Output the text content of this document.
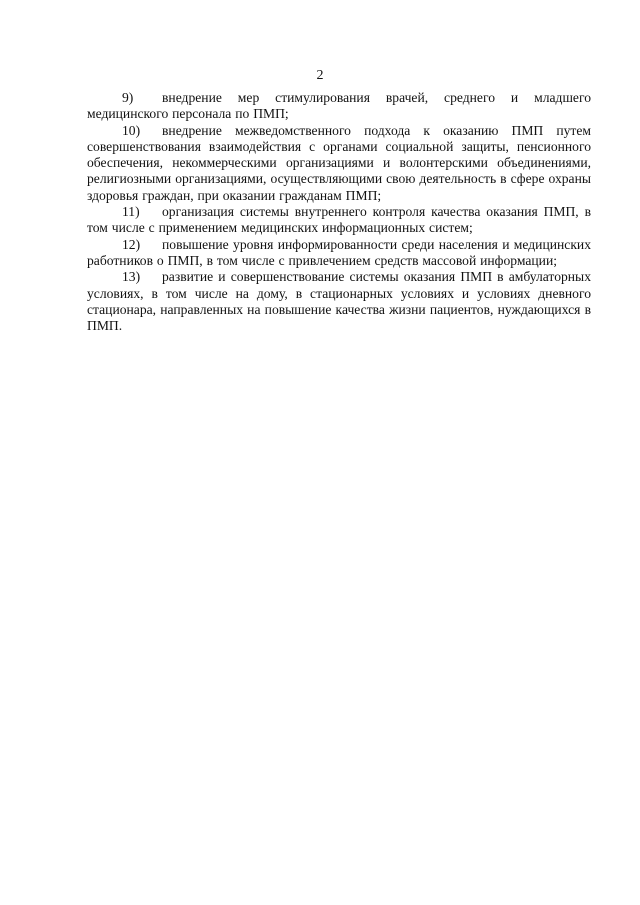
2

9) внедрение мер стимулирования врачей, среднего и младшего медицинского персонала по ПМП;

10) внедрение межведомственного подхода к оказанию ПМП путем совершенствования взаимодействия с органами социальной защиты, пенсионного обеспечения, некоммерческими организациями и волонтерскими объединениями, религиозными организациями, осуществляющими свою деятельность в сфере охраны здоровья граждан, при оказании гражданам ПМП;

11) организация системы внутреннего контроля качества оказания ПМП, в том числе с применением медицинских информационных систем;

12) повышение уровня информированности среди населения и медицинских работников о ПМП, в том числе с привлечением средств массовой информации;

13) развитие и совершенствование системы оказания ПМП в амбулаторных условиях, в том числе на дому, в стационарных условиях и условиях дневного стационара, направленных на повышение качества жизни пациентов, нуждающихся в ПМП.
